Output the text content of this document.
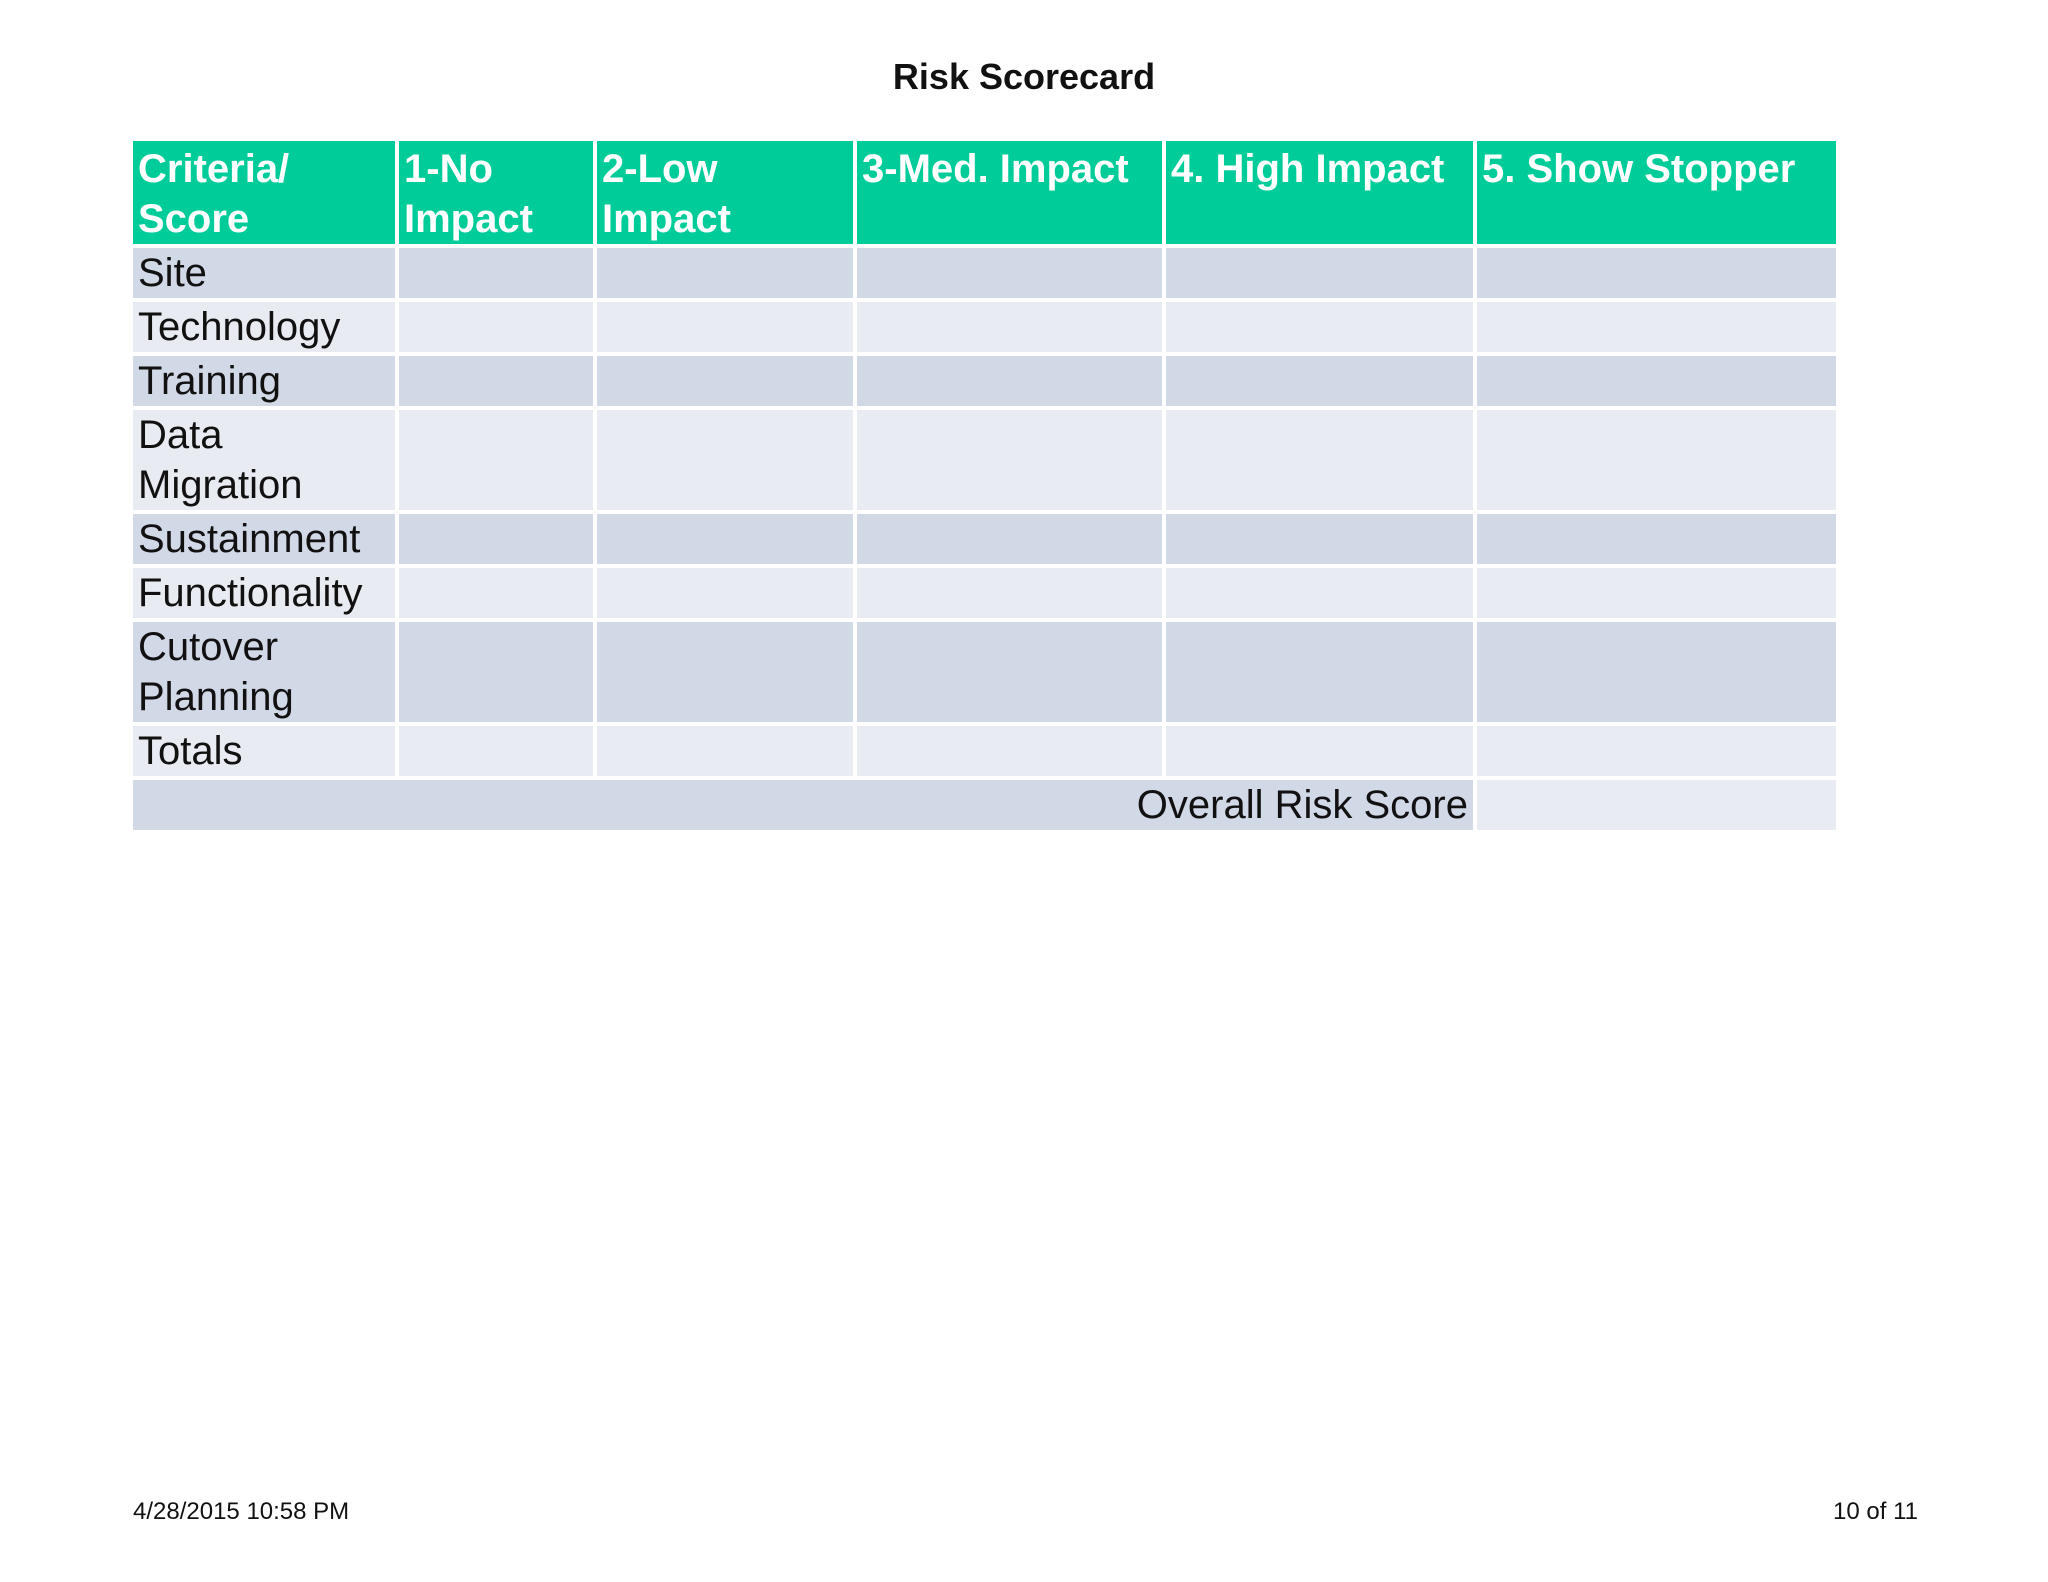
Risk Scorecard
Criteria/ Score	1-No Impact	2-Low Impact	3-Med. Impact	4. High Impact	5. Show Stopper
Site					
Technology					
Training					
Data Migration					
Sustainment					
Functionality					
Cutover Planning					
Totals					
Overall Risk Score					
4/28/2015 10:58 PM	10 of 11
